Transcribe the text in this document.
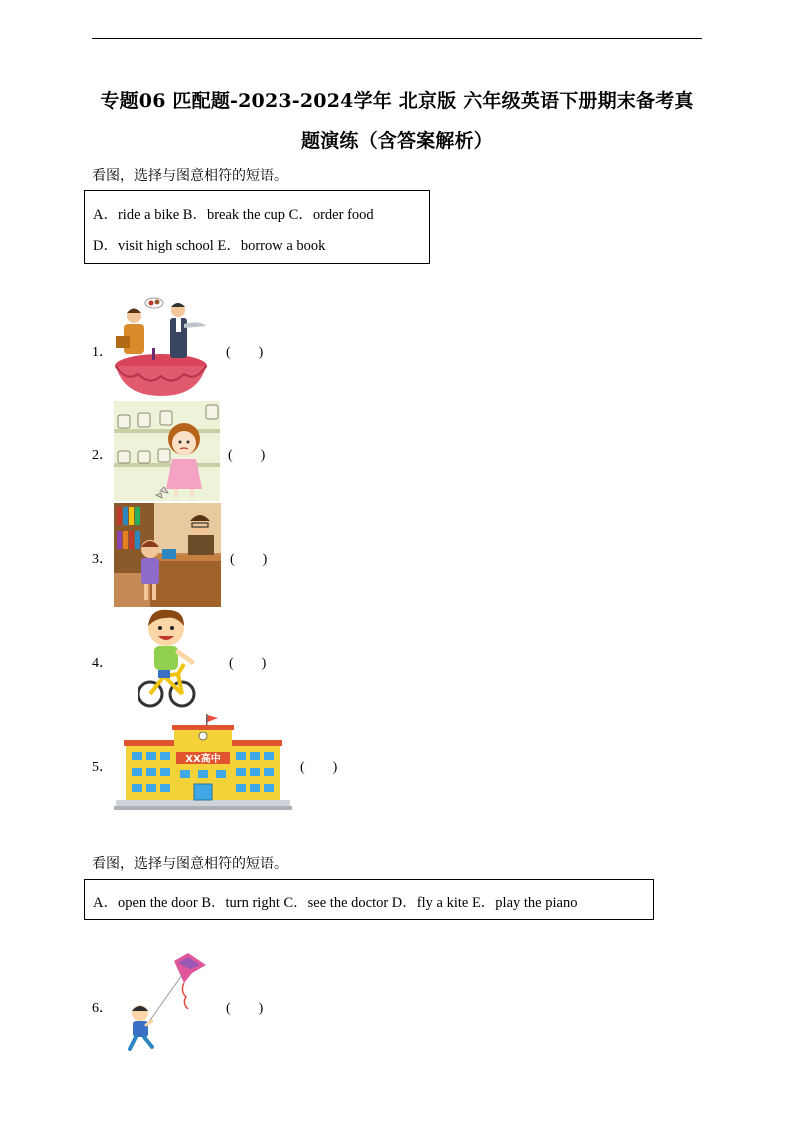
专题06 匹配题-2023-2024学年 北京版 六年级英语下册期末备考真
题演练（含答案解析）
看图，选择与图意相符的短语。
A．ride a bike B．break the cup C．order food
D．visit high school E．borrow a book
1．	(　　)
2．	(　　)
3．	(　　)
4．	(　　)
5．
XX高中
(　　)
看图，选择与图意相符的短语。
A．open the door B．turn right C．see the doctor D．fly a kite E．play the piano
6．	(　　)
